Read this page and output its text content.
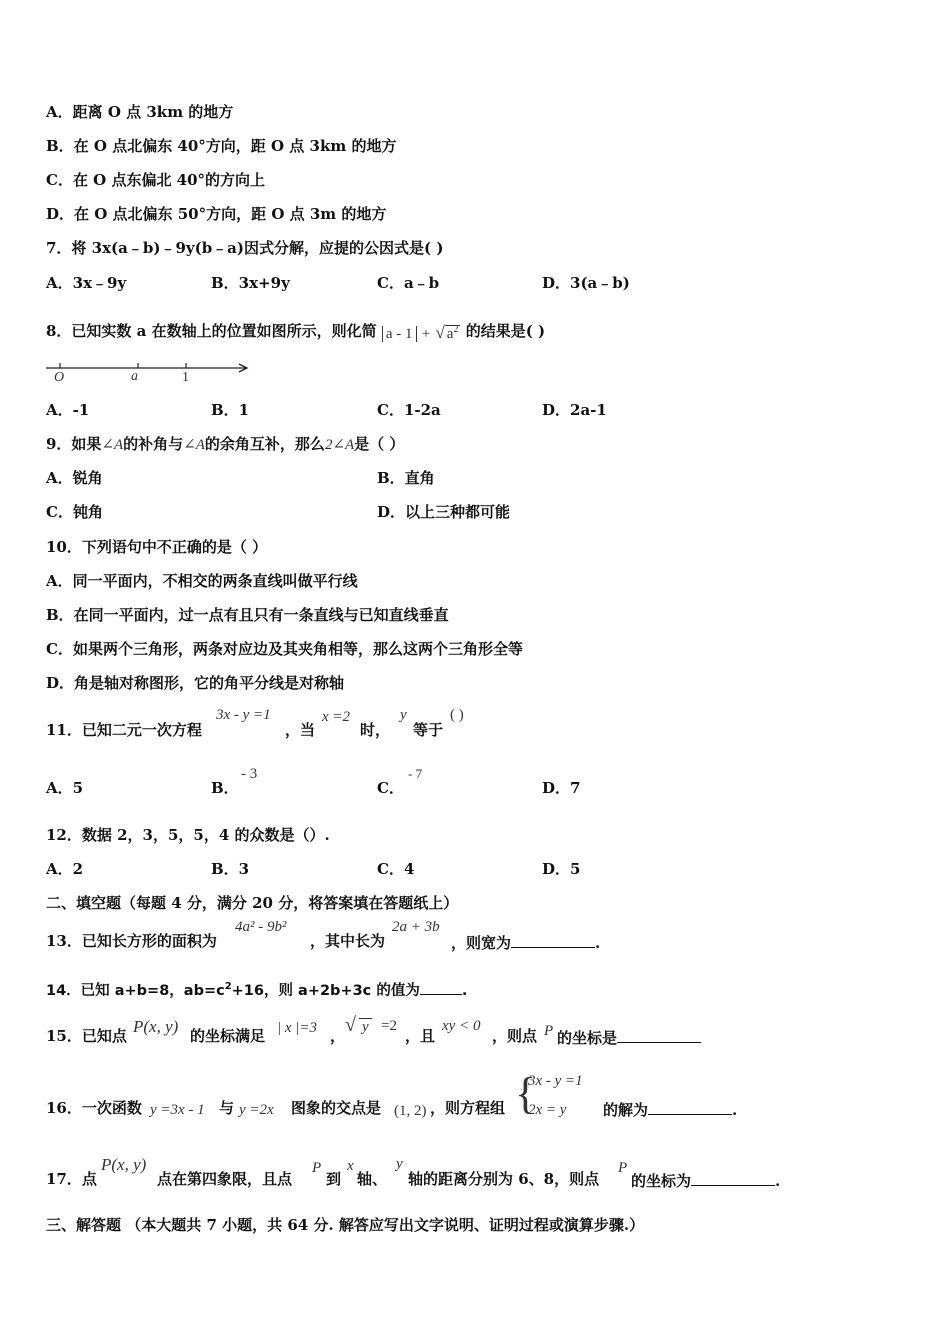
A．距离 O 点 3km 的地方
B．在 O 点北偏东 40°方向，距 O 点 3km 的地方
C．在 O 点东偏北 40°的方向上
D．在 O 点北偏东 50°方向，距 O 点 3m 的地方
7．将 3x(a﹣b)﹣9y(b﹣a)因式分解，应提的公因式是( )
A．3x﹣9y	B．3x+9y	C．a﹣b	D．3(a﹣b)
8．已知实数 a 在数轴上的位置如图所示，则化简 a - 1 + √ $a^2$ 的结果是( )
O	a	1
A．-1	B．1	C．1-2a	D．2a-1
9．如果∠A的补角与∠A的余角互补，那么2∠A是（ ）
A．锐角	B．直角
C．钝角	D．以上三种都可能
10．下列语句中不正确的是（ ）
A．同一平面内，不相交的两条直线叫做平行线
B．在同一平面内，过一点有且只有一条直线与已知直线垂直
C．如果两个三角形，两条对应边及其夹角相等，那么这两个三角形全等
D．角是轴对称图形，它的角平分线是对称轴
11．已知二元一次方程
3x - y =1
，当
x =2
时，
y
等于
( )
A．5	B．
- 3
C．
- 7
D．7
12．数据 2，3，5，5，4 的众数是（）.
A．2	B．3	C．4	D．5
二、填空题（每题 4 分，满分 20 分，将答案填在答题纸上）
13．已知长方形的面积为
4a² - 9b²
，其中长为
2a + 3b
，则宽为	.
14．已知 a+b=8，$ab=c^2+16$，则 a+2b+3c 的值为	.
15．已知点 P(x, y) 的坐标满足 | x |=3 ， √ y =2
，且
xy < 0
，则点 P 的坐标是
16．一次函数 y =3x - 1 与 y =2x 图象的交点是 (1, 2) ，则方程组 {
3x - y =1
2x = y 的解为	.
17．点
P(x, y)
点在第四象限，且点
P
到
x
轴、
y
轴的距离分别为 6、8，则点
P
的坐标为	.
三、解答题 （本大题共 7 小题，共 64 分. 解答应写出文字说明、证明过程或演算步骤.）
